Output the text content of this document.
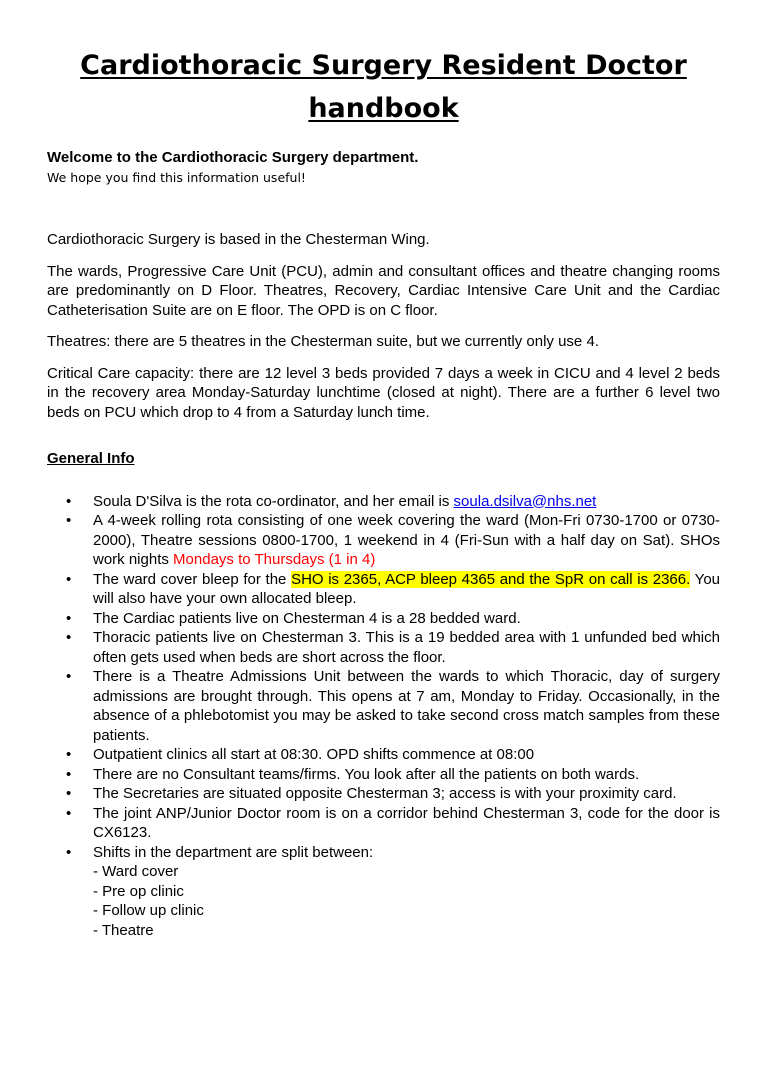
Cardiothoracic Surgery Resident Doctor handbook
Welcome to the Cardiothoracic Surgery department.
We hope you find this information useful!

Cardiothoracic Surgery is based in the Chesterman Wing.

The wards, Progressive Care Unit (PCU), admin and consultant offices and theatre changing rooms are predominantly on D Floor. Theatres, Recovery, Cardiac Intensive Care Unit and the Cardiac Catheterisation Suite are on E floor. The OPD is on C floor.

Theatres: there are 5 theatres in the Chesterman suite, but we currently only use 4.

Critical Care capacity: there are 12 level 3 beds provided 7 days a week in CICU and 4 level 2 beds in the recovery area Monday-Saturday lunchtime (closed at night). There are a further 6 level two beds on PCU which drop to 4 from a Saturday lunch time.

General Info
• Soula D'Silva is the rota co-ordinator, and her email is soula.dsilva@nhs.net
• A 4-week rolling rota consisting of one week covering the ward (Mon-Fri 0730-1700 or 0730-2000), Theatre sessions 0800-1700, 1 weekend in 4 (Fri-Sun with a half day on Sat). SHOs work nights Mondays to Thursdays (1 in 4)
• The ward cover bleep for the SHO is 2365, ACP bleep 4365 and the SpR on call is 2366. You will also have your own allocated bleep.
• The Cardiac patients live on Chesterman 4 is a 28 bedded ward.
• Thoracic patients live on Chesterman 3. This is a 19 bedded area with 1 unfunded bed which often gets used when beds are short across the floor.
• There is a Theatre Admissions Unit between the wards to which Thoracic, day of surgery admissions are brought through. This opens at 7 am, Monday to Friday. Occasionally, in the absence of a phlebotomist you may be asked to take second cross match samples from these patients.
• Outpatient clinics all start at 08:30. OPD shifts commence at 08:00
• There are no Consultant teams/firms. You look after all the patients on both wards.
• The Secretaries are situated opposite Chesterman 3; access is with your proximity card.
• The joint ANP/Junior Doctor room is on a corridor behind Chesterman 3, code for the door is CX6123.
• Shifts in the department are split between:
- Ward cover
- Pre op clinic
- Follow up clinic
- Theatre
